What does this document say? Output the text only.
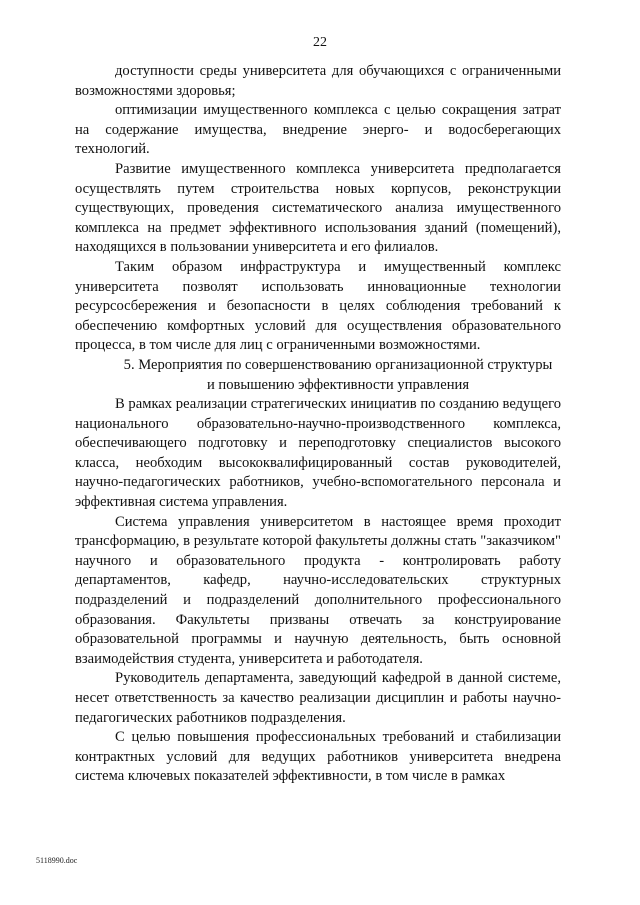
22

доступности среды университета для обучающихся с ограниченными возможностями здоровья;

оптимизации имущественного комплекса с целью сокращения затрат на содержание имущества, внедрение энерго- и водосберегающих технологий.

Развитие имущественного комплекса университета предполагается осуществлять путем строительства новых корпусов, реконструкции существующих, проведения систематического анализа имущественного комплекса на предмет эффективного использования зданий (помещений), находящихся в пользовании университета и его филиалов.

Таким образом инфраструктура и имущественный комплекс университета позволят использовать инновационные технологии ресурсосбережения и безопасности в целях соблюдения требований к обеспечению комфортных условий для осуществления образовательного процесса, в том числе для лиц с ограниченными возможностями.

5. Мероприятия по совершенствованию организационной структуры
и повышению эффективности управления

В рамках реализации стратегических инициатив по созданию ведущего национального образовательно-научно-производственного комплекса, обеспечивающего подготовку и переподготовку специалистов высокого класса, необходим высококвалифицированный состав руководителей, научно-педагогических работников, учебно-вспомогательного персонала и эффективная система управления.

Система управления университетом в настоящее время проходит трансформацию, в результате которой факультеты должны стать "заказчиком" научного и образовательного продукта - контролировать работу департаментов, кафедр, научно-исследовательских структурных подразделений и подразделений дополнительного профессионального образования. Факультеты призваны отвечать за конструирование образовательной программы и научную деятельность, быть основной взаимодействия студента, университета и работодателя.

Руководитель департамента, заведующий кафедрой в данной системе, несет ответственность за качество реализации дисциплин и работы научно-педагогических работников подразделения.

С целью повышения профессиональных требований и стабилизации контрактных условий для ведущих работников университета внедрена система ключевых показателей эффективности, в том числе в рамках

5118990.doc
